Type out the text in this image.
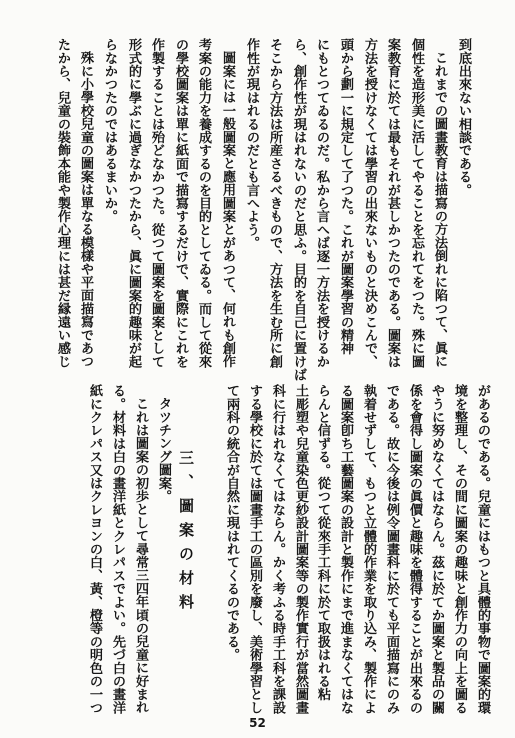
到底出來ない相談である。
これまでの圖畫教育は描寫の方法倒れに陷つて、眞に
個性を造形美に活してやることを忘れてをつた。殊に圖
案教育に於ては最もそれが甚しかつたのである。圖案は
方法を授けなくては學習の出來ないものと決めこんで、
頭から劃一に規定して了つた。これが圖案學習の精神
にもとつてゐるのだ。私から言へば逐一方法を授けるか
ら、創作性が現はれないのだと思ふ。目的を自己に置けば
そこから方法は所産さるべきもので、方法を生む所に創
作性が現はれるのだとも言へよう。
圖案には一般圖案と應用圖案とがあつて、何れも創作
考案の能力を養成するのを目的としてゐる。而して從來
の學校圖案は單に紙面で描寫するだけで、實際にこれを
作製することは殆どなかつた。從つて圖案を圖案として
形式的に學ぶに過ぎなかつたから、眞に圖案的趣味が起
らなかつたのではあるまいか。
殊に小學校兒童の圖案は單なる模樣や平面描寫であつ
たから、兒童の裝飾本能や製作心理には甚だ縁遠い感じ
があるのである。兒童にはもつと具體的事物で圖案的環
境を整理し、その間に圖案の趣味と創作力の向上を圖る
やうに努めなくてはならん。茲に於てか圖案と製品の關
係を會得し圖案の眞價と趣味を體得することが出來るの
である。故に今後は例令圖畫科に於ても平面描寫にのみ
執着せずして、もつと立體的作業を取り込み、製作によ
る圖案卽ち工藝圖案の設計と製作にまで進まなくてはな
らんと信ずる。從つて從來手工科に於て取扱はれる粘
土彫塑や兒童染色更紗設計圖案等の製作實行が當然圖畫
科に行はれなくてはならん。かく考ふる時手工科を課設
する學校に於ては圖畫手工の區別を廢し、美術學習とし
て兩科の統合が自然に現はれてくるのである。
三、圖案の材料
タツチング圖案。
これは圖案の初歩として尋常三四年頃の兒童に好まれ
る。材料は白の畫洋紙とクレパスでよい。先づ白の畫洋
紙にクレパス又はクレヨンの白、黃、橙等の明色の一つ
52
